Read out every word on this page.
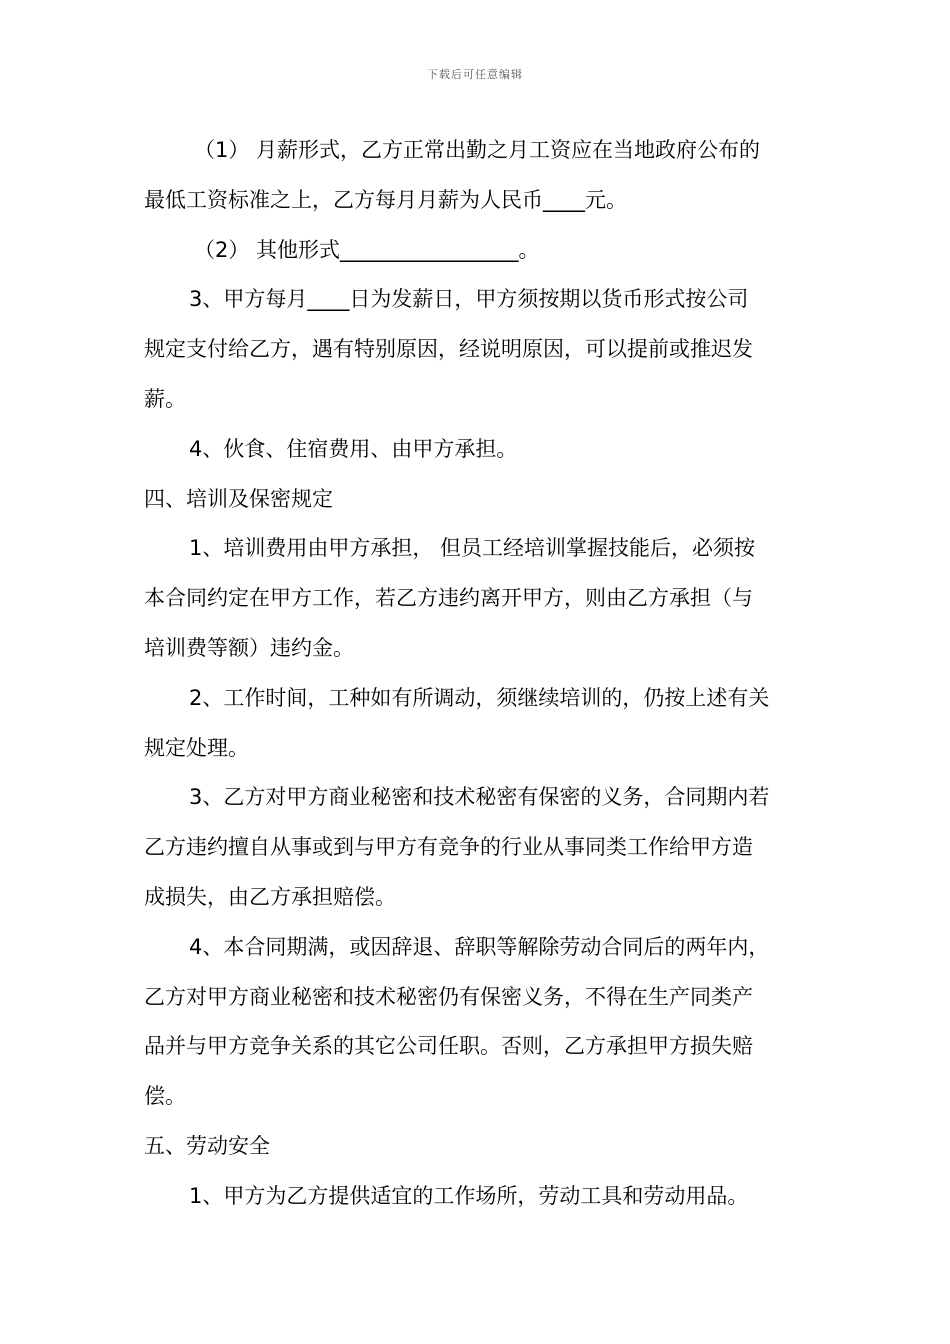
下载后可任意编辑
（1） 月薪形式，乙方正常出勤之月工资应在当地政府公布的
最低工资标准之上，乙方每月月薪为人民币____元。
（2） 其他形式_________________。
3、甲方每月____日为发薪日，甲方须按期以货币形式按公司
规定支付给乙方，遇有特别原因，经说明原因，可以提前或推迟发
薪。
4、伙食、住宿费用、由甲方承担。
四、培训及保密规定
1、培训费用由甲方承担， 但员工经培训掌握技能后，必须按
本合同约定在甲方工作，若乙方违约离开甲方，则由乙方承担（与
培训费等额）违约金。
2、工作时间，工种如有所调动，须继续培训的，仍按上述有关
规定处理。
3、乙方对甲方商业秘密和技术秘密有保密的义务，合同期内若
乙方违约擅自从事或到与甲方有竞争的行业从事同类工作给甲方造
成损失，由乙方承担赔偿。
4、本合同期满，或因辞退、辞职等解除劳动合同后的两年内，
乙方对甲方商业秘密和技术秘密仍有保密义务，不得在生产同类产
品并与甲方竞争关系的其它公司任职。否则，乙方承担甲方损失赔
偿。
五、劳动安全
1、甲方为乙方提供适宜的工作场所，劳动工具和劳动用品。
